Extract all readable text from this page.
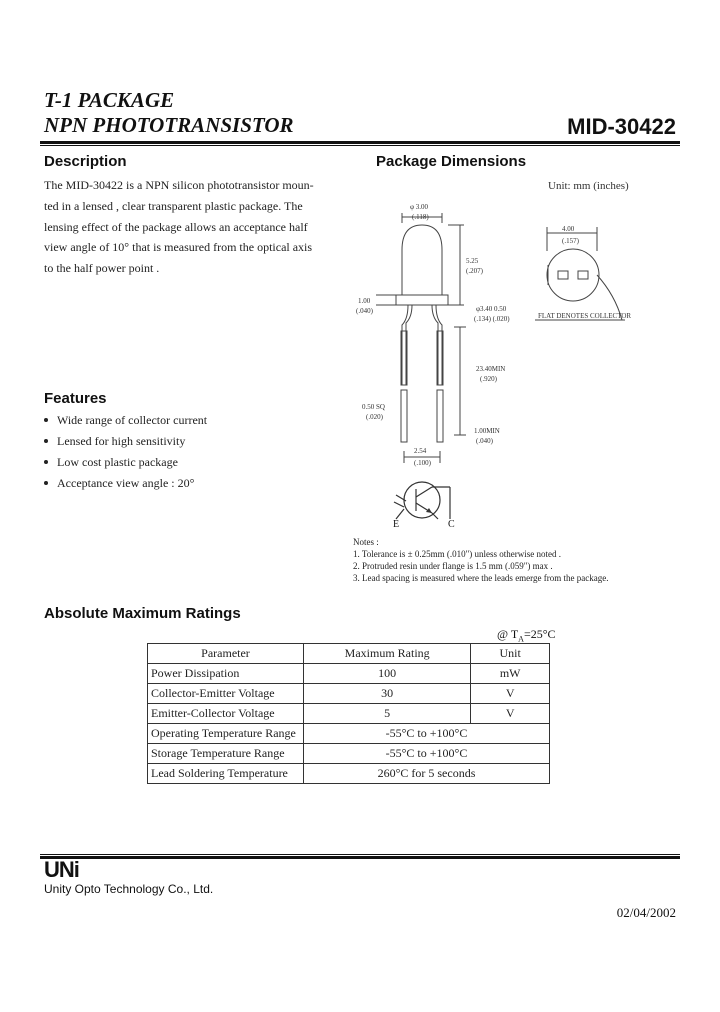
T-1 PACKAGE
NPN PHOTOTRANSISTOR	MID-30422
Description
The MID-30422 is a NPN silicon phototransistor moun-
ted in a lensed , clear transparent plastic package. The
lensing effect of the package allows an acceptance half
view angle of 10° that is measured from the optical axis
to the half power point .
Features
Wide range of collector current
Lensed for high sensitivity
Low cost plastic package
Acceptance view angle : 20°
Package Dimensions
Unit: mm (inches)
φ 3.00
(.118)
5.25
(.207)
1.00
(.040)	φ3.40 0.50
(.134) (.020)
23.40MIN
(.920)
0.50 SQ
(.020)
1.00MIN
(.040)
2.54
(.100)
4.00
(.157)
FLAT DENOTES COLLECTOR
E	C
Notes :
1. Tolerance is ± 0.25mm (.010") unless otherwise noted .
2. Protruded resin under flange is 1.5 mm (.059") max .
3. Lead spacing is measured where the leads emerge from the package.
Absolute Maximum Ratings
@ $T_A=25^\circ C$
Parameter	Maximum Rating	Unit
Power Dissipation	100	mW
Collector-Emitter Voltage	30	V
Emitter-Collector Voltage	5	V
Operating Temperature Range	-55°C to +100°C	
Storage Temperature Range	-55°C to +100°C	
Lead Soldering Temperature	260°C for 5 seconds	
UNi
Unity Opto Technology Co., Ltd.
02/04/2002
